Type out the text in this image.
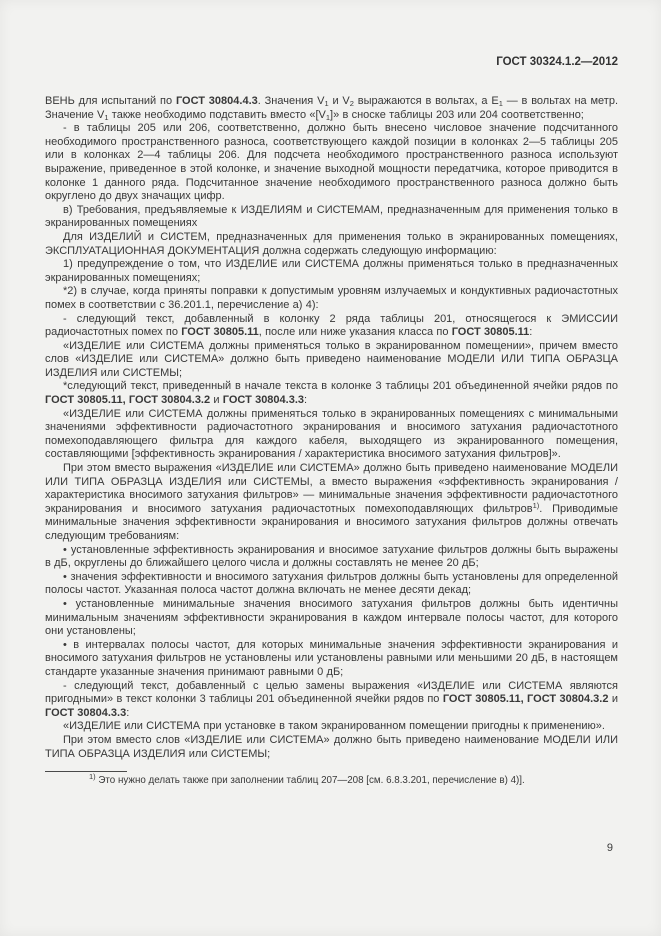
ГОСТ 30324.1.2—2012

ВЕНЬ для испытаний по ГОСТ 30804.4.3. Значения $V_1$ и $V_2$ выражаются в вольтах, а $E_1$ — в вольтах на метр. Значение $V_1$ также необходимо подставить вместо «$[V_1]$» в сноске таблицы 203 или 204 соответственно;

- в таблицы 205 или 206, соответственно, должно быть внесено числовое значение подсчитанного необходимого пространственного разноса, соответствующего каждой позиции в колонках 2—5 таблицы 205 или в колонках 2—4 таблицы 206. Для подсчета необходимого пространственного разноса используют выражение, приведенное в этой колонке, и значение выходной мощности передатчика, которое приводится в колонке 1 данного ряда. Подсчитанное значение необходимого пространственного разноса должно быть округлено до двух значащих цифр.

в) Требования, предъявляемые к ИЗДЕЛИЯМ и СИСТЕМАМ, предназначенным для применения только в экранированных помещениях

Для ИЗДЕЛИЙ и СИСТЕМ, предназначенных для применения только в экранированных помещениях, ЭКСПЛУАТАЦИОННАЯ ДОКУМЕНТАЦИЯ должна содержать следующую информацию:

1) предупреждение о том, что ИЗДЕЛИЕ или СИСТЕМА должны применяться только в предназначенных экранированных помещениях;

*2) в случае, когда приняты поправки к допустимым уровням излучаемых и кондуктивных радиочастотных помех в соответствии с 36.201.1, перечисление а) 4):

- следующий текст, добавленный в колонку 2 ряда таблицы 201, относящегося к ЭМИССИИ радиочастотных помех по ГОСТ 30805.11, после или ниже указания класса по ГОСТ 30805.11:

«ИЗДЕЛИЕ или СИСТЕМА должны применяться только в экранированном помещении», причем вместо слов «ИЗДЕЛИЕ или СИСТЕМА» должно быть приведено наименование МОДЕЛИ ИЛИ ТИПА ОБРАЗЦА ИЗДЕЛИЯ или СИСТЕМЫ;

*следующий текст, приведенный в начале текста в колонке 3 таблицы 201 объединенной ячейки рядов по ГОСТ 30805.11, ГОСТ 30804.3.2 и ГОСТ 30804.3.3:

«ИЗДЕЛИЕ или СИСТЕМА должны применяться только в экранированных помещениях с минимальными значениями эффективности радиочастотного экранирования и вносимого затухания радиочастотного помехоподавляющего фильтра для каждого кабеля, выходящего из экранированного помещения, составляющими [эффективность экранирования / характеристика вносимого затухания фильтров]».

При этом вместо выражения «ИЗДЕЛИЕ или СИСТЕМА» должно быть приведено наименование МОДЕЛИ ИЛИ ТИПА ОБРАЗЦА ИЗДЕЛИЯ или СИСТЕМЫ, а вместо выражения «эффективность экранирования / характеристика вносимого затухания фильтров» — минимальные значения эффективности радиочастотного экранирования и вносимого затухания радиочастотных помехоподавляющих фильтров$^{1)}$. Приводимые минимальные значения эффективности экранирования и вносимого затухания фильтров должны отвечать следующим требованиям:

• установленные эффективность экранирования и вносимое затухание фильтров должны быть выражены в дБ, округлены до ближайшего целого числа и должны составлять не менее 20 дБ;

• значения эффективности и вносимого затухания фильтров должны быть установлены для определенной полосы частот. Указанная полоса частот должна включать не менее десяти декад;

• установленные минимальные значения вносимого затухания фильтров должны быть идентичны минимальным значениям эффективности экранирования в каждом интервале полосы частот, для которого они установлены;

• в интервалах полосы частот, для которых минимальные значения эффективности экранирования и вносимого затухания фильтров не установлены или установлены равными или меньшими 20 дБ, в настоящем стандарте указанные значения принимают равными 0 дБ;

- следующий текст, добавленный с целью замены выражения «ИЗДЕЛИЕ или СИСТЕМА являются пригодными» в текст колонки 3 таблицы 201 объединенной ячейки рядов по ГОСТ 30805.11, ГОСТ 30804.3.2 и ГОСТ 30804.3.3:

«ИЗДЕЛИЕ или СИСТЕМА при установке в таком экранированном помещении пригодны к применению».

При этом вместо слов «ИЗДЕЛИЕ или СИСТЕМА» должно быть приведено наименование МОДЕЛИ ИЛИ ТИПА ОБРАЗЦА ИЗДЕЛИЯ или СИСТЕМЫ;

$^{1)}$ Это нужно делать также при заполнении таблиц 207—208 [см. 6.8.3.201, перечисление в) 4)].

9
